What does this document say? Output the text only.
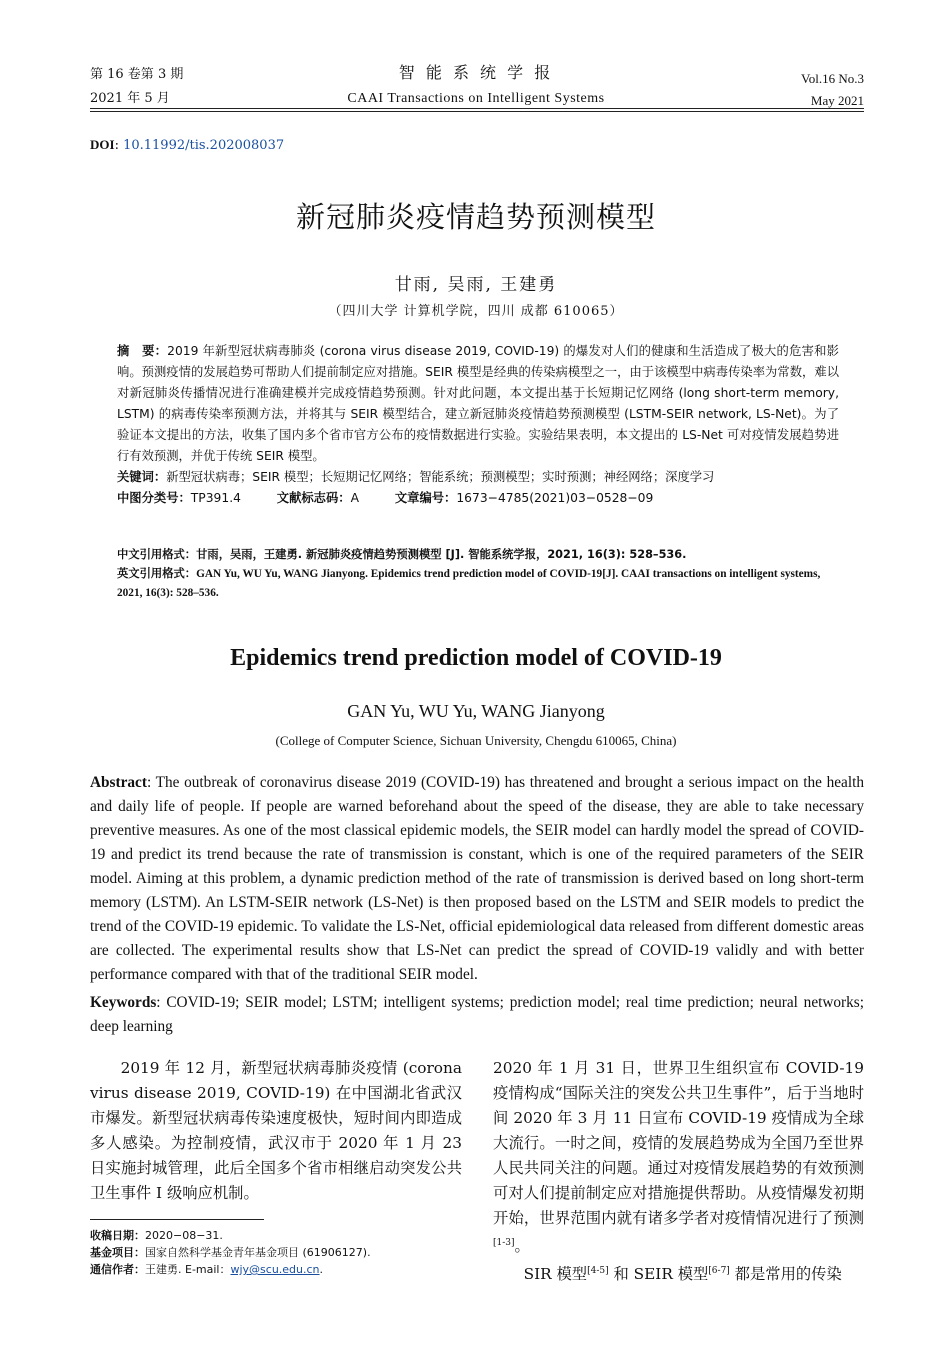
第 16 卷第 3 期
2021 年 5 月
智 能 系 统 学 报
CAAI Transactions on Intelligent Systems
Vol.16 No.3
May 2021
DOI: 10.11992/tis.202008037
新冠肺炎疫情趋势预测模型
甘雨, 吴雨, 王建勇
（四川大学 计算机学院，四川 成都 610065）
摘　要：2019 年新型冠状病毒肺炎 (corona virus disease 2019, COVID-19) 的爆发对人们的健康和生活造成了极大的危害和影响。预测疫情的发展趋势可帮助人们提前制定应对措施。SEIR 模型是经典的传染病模型之一，由于该模型中病毒传染率为常数，难以对新冠肺炎传播情况进行准确建模并完成疫情趋势预测。针对此问题，本文提出基于长短期记忆网络 (long short-term memory, LSTM) 的病毒传染率预测方法，并将其与 SEIR 模型结合，建立新冠肺炎疫情趋势预测模型 (LSTM-SEIR network, LS-Net)。为了验证本文提出的方法，收集了国内多个省市官方公布的疫情数据进行实验。实验结果表明，本文提出的 LS-Net 可对疫情发展趋势进行有效预测，并优于传统 SEIR 模型。
关键词：新型冠状病毒；SEIR 模型；长短期记忆网络；智能系统；预测模型；实时预测；神经网络；深度学习
中图分类号：TP391.4	文献标志码：A	文章编号：1673−4785(2021)03−0528−09
中文引用格式：甘雨，吴雨，王建勇. 新冠肺炎疫情趋势预测模型 [J]. 智能系统学报，2021, 16(3): 528–536.
英文引用格式：GAN Yu, WU Yu, WANG Jianyong. Epidemics trend prediction model of COVID-19[J]. CAAI transactions on intelligent systems, 2021, 16(3): 528–536.
Epidemics trend prediction model of COVID-19
GAN Yu, WU Yu, WANG Jianyong
(College of Computer Science, Sichuan University, Chengdu 610065, China)
Abstract: The outbreak of coronavirus disease 2019 (COVID-19) has threatened and brought a serious impact on the health and daily life of people. If people are warned beforehand about the speed of the disease, they are able to take necessary preventive measures. As one of the most classical epidemic models, the SEIR model can hardly model the spread of COVID-19 and predict its trend because the rate of transmission is constant, which is one of the required parameters of the SEIR model. Aiming at this problem, a dynamic prediction method of the rate of transmission is derived based on long short-term memory (LSTM). An LSTM-SEIR network (LS-Net) is then proposed based on the LSTM and SEIR models to predict the trend of the COVID-19 epidemic. To validate the LS-Net, official epidemiological data released from different domestic areas are collected. The experimental results show that LS-Net can predict the spread of COVID-19 validly and with better performance compared with that of the traditional SEIR model.
Keywords: COVID-19; SEIR model; LSTM; intelligent systems; prediction model; real time prediction; neural networks; deep learning
2019 年 12 月，新型冠状病毒肺炎疫情 (corona virus disease 2019, COVID-19) 在中国湖北省武汉市爆发。新型冠状病毒传染速度极快，短时间内即造成多人感染。为控制疫情，武汉市于 2020 年 1 月 23 日实施封城管理，此后全国多个省市相继启动突发公共卫生事件 Ⅰ 级响应机制。
2020 年 1 月 31 日，世界卫生组织宣布 COVID-19 疫情构成“国际关注的突发公共卫生事件”，后于当地时间 2020 年 3 月 11 日宣布 COVID-19 疫情成为全球大流行。一时之间，疫情的发展趋势成为全国乃至世界人民共同关注的问题。通过对疫情发展趋势的有效预测可对人们提前制定应对措施提供帮助。从疫情爆发初期开始，世界范围内就有诸多学者对疫情情况进行了预测[1-3]。
SIR 模型[4-5] 和 SEIR 模型[6-7] 都是常用的传染
收稿日期：2020−08−31.
基金项目：国家自然科学基金青年基金项目 (61906127).
通信作者：王建勇. E-mail：wjy@scu.edu.cn.
